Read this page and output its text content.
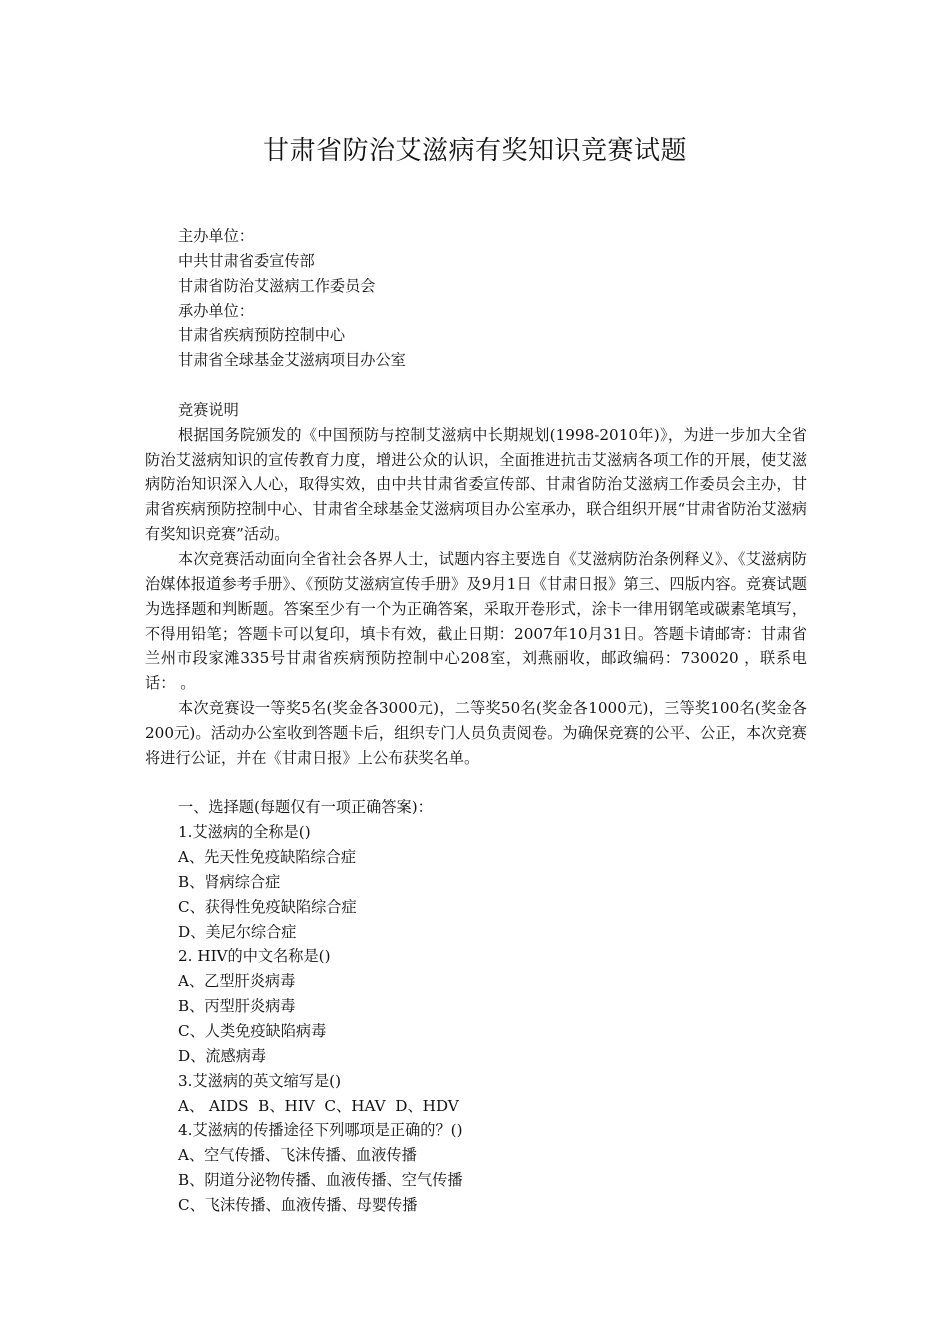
甘肃省防治艾滋病有奖知识竞赛试题
主办单位：
中共甘肃省委宣传部
甘肃省防治艾滋病工作委员会
承办单位：
甘肃省疾病预防控制中心
甘肃省全球基金艾滋病项目办公室
竞赛说明
根据国务院颁发的《中国预防与控制艾滋病中长期规划(1998-2010年)》，为进一步加大全省防治艾滋病知识的宣传教育力度，增进公众的认识，全面推进抗击艾滋病各项工作的开展，使艾滋病防治知识深入人心，取得实效，由中共甘肃省委宣传部、甘肃省防治艾滋病工作委员会主办，甘肃省疾病预防控制中心、甘肃省全球基金艾滋病项目办公室承办，联合组织开展“甘肃省防治艾滋病有奖知识竞赛”活动。
本次竞赛活动面向全省社会各界人士，试题内容主要选自《艾滋病防治条例释义》、《艾滋病防治媒体报道参考手册》、《预防艾滋病宣传手册》及9月1日《甘肃日报》第三、四版内容。竞赛试题为选择题和判断题。答案至少有一个为正确答案，采取开卷形式，涂卡一律用钢笔或碳素笔填写，不得用铅笔；答题卡可以复印，填卡有效，截止日期：2007年10月31日。答题卡请邮寄：甘肃省兰州市段家滩335号甘肃省疾病预防控制中心208室，刘燕丽收，邮政编码：730020 ，联系电话： 。
本次竞赛设一等奖5名(奖金各3000元)，二等奖50名(奖金各1000元)，三等奖100名(奖金各200元)。活动办公室收到答题卡后，组织专门人员负责阅卷。为确保竞赛的公平、公正，本次竞赛将进行公证，并在《甘肃日报》上公布获奖名单。
一、选择题(每题仅有一项正确答案)：
1.艾滋病的全称是()
A、先天性免疫缺陷综合症
B、肾病综合症
C、获得性免疫缺陷综合症
D、美尼尔综合症
2. HIV的中文名称是()
A、乙型肝炎病毒
B、丙型肝炎病毒
C、人类免疫缺陷病毒
D、流感病毒
3.艾滋病的英文缩写是()
A、 AIDS  B、HIV  C、HAV  D、HDV
4.艾滋病的传播途径下列哪项是正确的？()
A、空气传播、飞沫传播、血液传播
B、阴道分泌物传播、血液传播、空气传播
C、飞沫传播、血液传播、母婴传播
